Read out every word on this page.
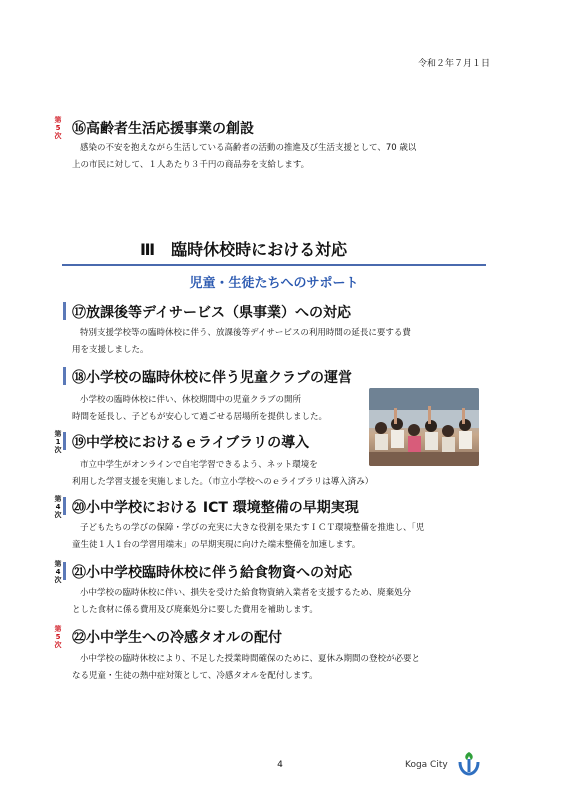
令和２年７月１日
第5次 ⑯高齢者生活応援事業の創設
感染の不安を抱えながら生活している高齢者の活動の推進及び生活支援として、70 歳以
上の市民に対して、１人あたり３千円の商品券を支給します。
Ⅲ　臨時休校時における対応
児童・生徒たちへのサポート
⑰放課後等デイサービス（県事業）への対応
特別支援学校等の臨時休校に伴う、放課後等デイサービスの利用時間の延長に要する費
用を支援しました。
⑱小学校の臨時休校に伴う児童クラブの運営
小学校の臨時休校に伴い、休校期間中の児童クラブの開所
時間を延長し、子どもが安心して過ごせる居場所を提供しました。
第1次 ⑲中学校におけるｅライブラリの導入
市立中学生がオンラインで自宅学習できるよう、ネット環境を
利用した学習支援を実施しました。（市立小学校へのｅライブラリは導入済み）
第4次 ⑳小中学校における ICT 環境整備の早期実現
子どもたちの学びの保障・学びの充実に大きな役割を果たすＩＣＴ環境整備を推進し、「児
童生徒１人１台の学習用端末」の早期実現に向けた端末整備を加速します。
第4次 ㉑小中学校臨時休校に伴う給食物資への対応
小中学校の臨時休校に伴い、損失を受けた給食物資納入業者を支援するため、廃棄処分
とした食材に係る費用及び廃棄処分に要した費用を補助します。
第5次 ㉒小中学生への冷感タオルの配付
小中学校の臨時休校により、不足した授業時間確保のために、夏休み期間の登校が必要と
なる児童・生徒の熱中症対策として、冷感タオルを配付します。
4	Koga City
